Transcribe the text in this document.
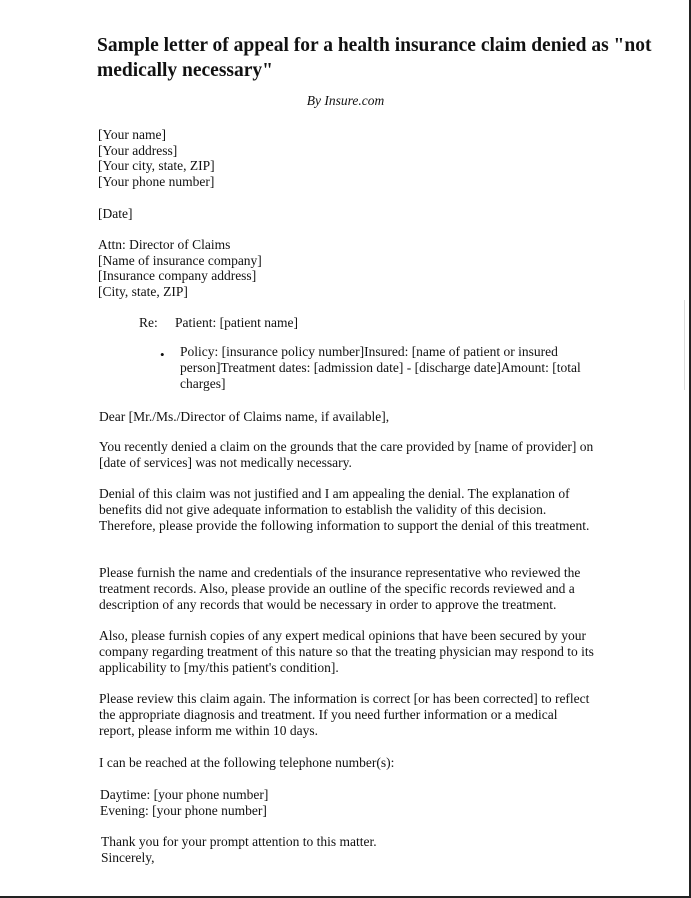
Sample letter of appeal for a health insurance claim denied as "not medically necessary"
By Insure.com
[Your name]
[Your address]
[Your city, state, ZIP]
[Your phone number]
[Date]
Attn: Director of Claims
[Name of insurance company]
[Insurance company address]
[City, state, ZIP]
Re: Patient: [patient name]
• Policy: [insurance policy number]Insured: [name of patient or insured person]Treatment dates: [admission date] - [discharge date]Amount: [total charges]

Dear [Mr./Ms./Director of Claims name, if available],

You recently denied a claim on the grounds that the care provided by [name of provider] on [date of services] was not medically necessary.

Denial of this claim was not justified and I am appealing the denial. The explanation of benefits did not give adequate information to establish the validity of this decision. Therefore, please provide the following information to support the denial of this treatment.

Please furnish the name and credentials of the insurance representative who reviewed the treatment records. Also, please provide an outline of the specific records reviewed and a description of any records that would be necessary in order to approve the treatment.

Also, please furnish copies of any expert medical opinions that have been secured by your company regarding treatment of this nature so that the treating physician may respond to its applicability to [my/this patient's condition].

Please review this claim again. The information is correct [or has been corrected] to reflect the appropriate diagnosis and treatment. If you need further information or a medical report, please inform me within 10 days.

I can be reached at the following telephone number(s):

Daytime: [your phone number]
Evening: [your phone number]
Thank you for your prompt attention to this matter.
Sincerely,
